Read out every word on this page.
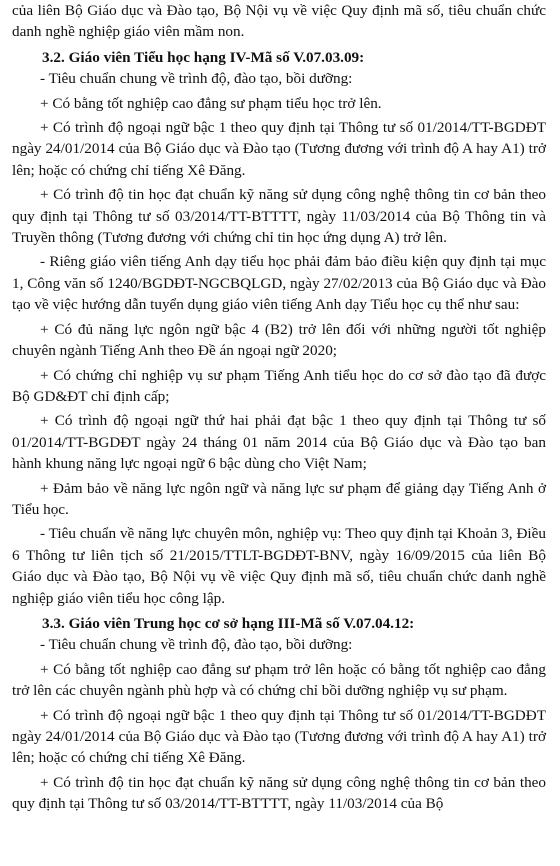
của liên Bộ Giáo dục và Đào tạo, Bộ Nội vụ về việc Quy định mã số, tiêu chuẩn chức danh nghề nghiệp giáo viên mầm non.

3.2. Giáo viên Tiểu học hạng IV-Mã số V.07.03.09:

- Tiêu chuẩn chung về trình độ, đào tạo, bồi dưỡng:

+ Có bằng tốt nghiệp cao đẳng sư phạm tiểu học trở lên.

+ Có trình độ ngoại ngữ bậc 1 theo quy định tại Thông tư số 01/2014/TT-BGDĐT ngày 24/01/2014 của Bộ Giáo dục và Đào tạo (Tương đương với trình độ A hay A1) trở lên; hoặc có chứng chỉ tiếng Xê Đăng.

+ Có trình độ tin học đạt chuẩn kỹ năng sử dụng công nghệ thông tin cơ bản theo quy định tại Thông tư số 03/2014/TT-BTTTT, ngày 11/03/2014 của Bộ Thông tin và Truyền thông (Tương đương với chứng chỉ tin học ứng dụng A) trở lên.

- Riêng giáo viên tiếng Anh dạy tiểu học phải đảm bảo điều kiện quy định tại mục 1, Công văn số 1240/BGDĐT-NGCBQLGD, ngày 27/02/2013 của Bộ Giáo dục và Đào tạo về việc hướng dẫn tuyển dụng giáo viên tiếng Anh dạy Tiểu học cụ thể như sau:

+ Có đủ năng lực ngôn ngữ bậc 4 (B2) trở lên đối với những người tốt nghiệp chuyên ngành Tiếng Anh theo Đề án ngoại ngữ 2020;

+ Có chứng chỉ nghiệp vụ sư phạm Tiếng Anh tiểu học do cơ sở đào tạo đã được Bộ GD&ĐT chỉ định cấp;

+ Có trình độ ngoại ngữ thứ hai phải đạt bậc 1 theo quy định tại Thông tư số 01/2014/TT-BGDĐT ngày 24 tháng 01 năm 2014 của Bộ Giáo dục và Đào tạo ban hành khung năng lực ngoại ngữ 6 bậc dùng cho Việt Nam;

+ Đảm bảo về năng lực ngôn ngữ và năng lực sư phạm để giảng dạy Tiếng Anh ở Tiểu học.

- Tiêu chuẩn về năng lực chuyên môn, nghiệp vụ: Theo quy định tại Khoản 3, Điều 6 Thông tư liên tịch số 21/2015/TTLT-BGDĐT-BNV, ngày 16/09/2015 của liên Bộ Giáo dục và Đào tạo, Bộ Nội vụ về việc Quy định mã số, tiêu chuẩn chức danh nghề nghiệp giáo viên tiểu học công lập.

3.3. Giáo viên Trung học cơ sở hạng III-Mã số V.07.04.12:

- Tiêu chuẩn chung về trình độ, đào tạo, bồi dưỡng:

+ Có bằng tốt nghiệp cao đẳng sư phạm trở lên hoặc có bằng tốt nghiệp cao đẳng trở lên các chuyên ngành phù hợp và có chứng chỉ bồi dưỡng nghiệp vụ sư phạm.

+ Có trình độ ngoại ngữ bậc 1 theo quy định tại Thông tư số 01/2014/TT-BGDĐT ngày 24/01/2014 của Bộ Giáo dục và Đào tạo (Tương đương với trình độ A hay A1) trở lên; hoặc có chứng chỉ tiếng Xê Đăng.

+ Có trình độ tin học đạt chuẩn kỹ năng sử dụng công nghệ thông tin cơ bản theo quy định tại Thông tư số 03/2014/TT-BTTTT, ngày 11/03/2014 của Bộ
